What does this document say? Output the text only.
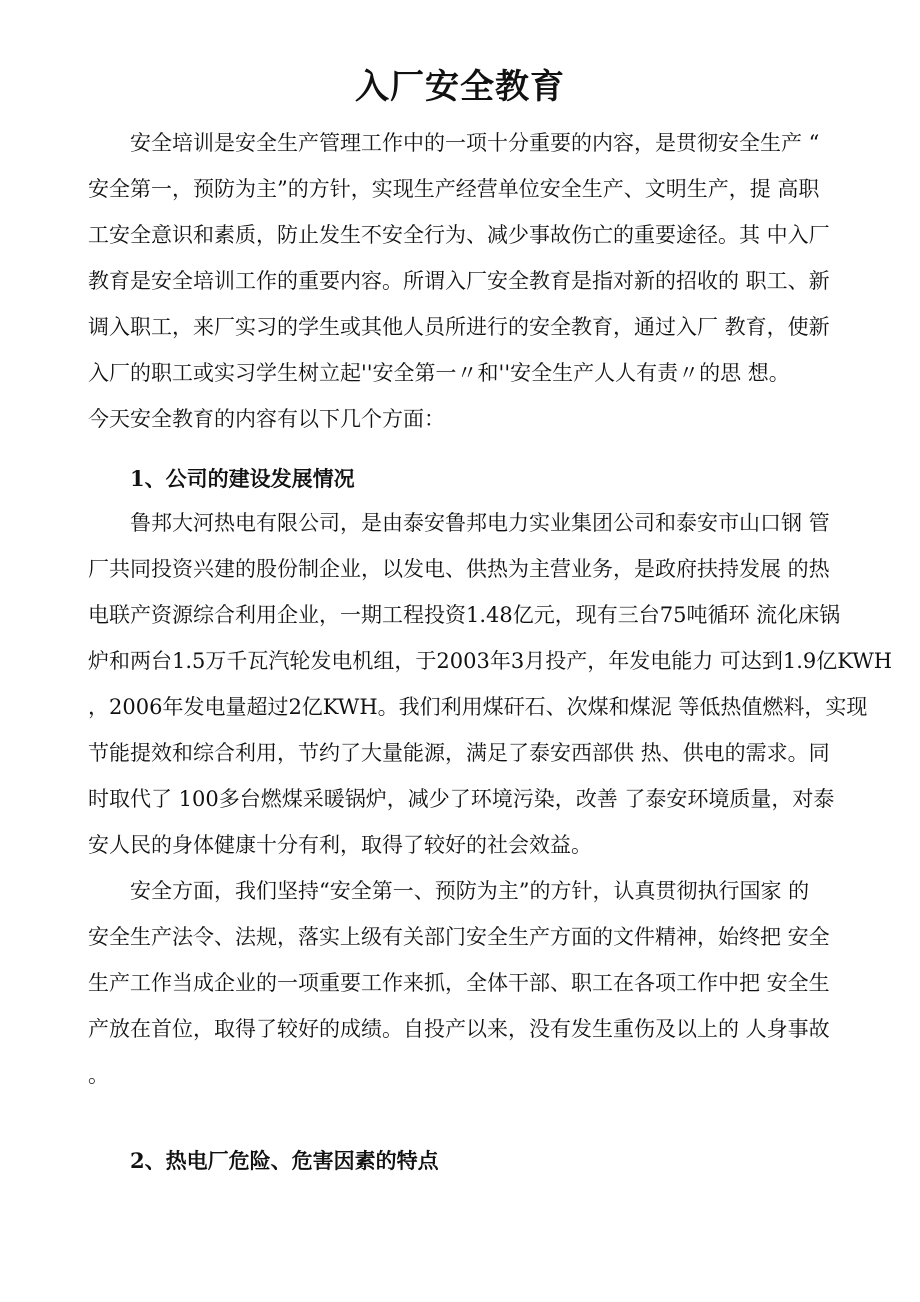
入厂安全教育
安全培训是安全生产管理工作中的一项十分重要的内容，是贯彻安全生产 “
安全第一，预防为主”的方针，实现生产经营单位安全生产、文明生产，提 高职
工安全意识和素质，防止发生不安全行为、减少事故伤亡的重要途径。其 中入厂
教育是安全培训工作的重要内容。所谓入厂安全教育是指对新的招收的 职工、新
调入职工，来厂实习的学生或其他人员所进行的安全教育，通过入厂 教育，使新
入厂的职工或实习学生树立起''安全第一〃和''安全生产人人有责〃的思 想。
今天安全教育的内容有以下几个方面：
1、公司的建设发展情况
鲁邦大河热电有限公司，是由泰安鲁邦电力实业集团公司和泰安市山口钢 管
厂共同投资兴建的股份制企业，以发电、供热为主营业务，是政府扶持发展 的热
电联产资源综合利用企业，一期工程投资1.48亿元，现有三台75吨循环 流化床锅
炉和两台1.5万千瓦汽轮发电机组，于2003年3月投产，年发电能力 可达到1.9亿KWH
，2006年发电量超过2亿KWH。我们利用煤矸石、次煤和煤泥 等低热值燃料，实现
节能提效和综合利用，节约了大量能源，满足了泰安西部供 热、供电的需求。同
时取代了 100多台燃煤采暖锅炉，减少了环境污染，改善 了泰安环境质量，对泰
安人民的身体健康十分有利，取得了较好的社会效益。
安全方面，我们坚持“安全第一、预防为主”的方针，认真贯彻执行国家 的
安全生产法令、法规，落实上级有关部门安全生产方面的文件精神，始终把 安全
生产工作当成企业的一项重要工作来抓，全体干部、职工在各项工作中把 安全生
产放在首位，取得了较好的成绩。自投产以来，没有发生重伤及以上的 人身事故
。
2、热电厂危险、危害因素的特点
